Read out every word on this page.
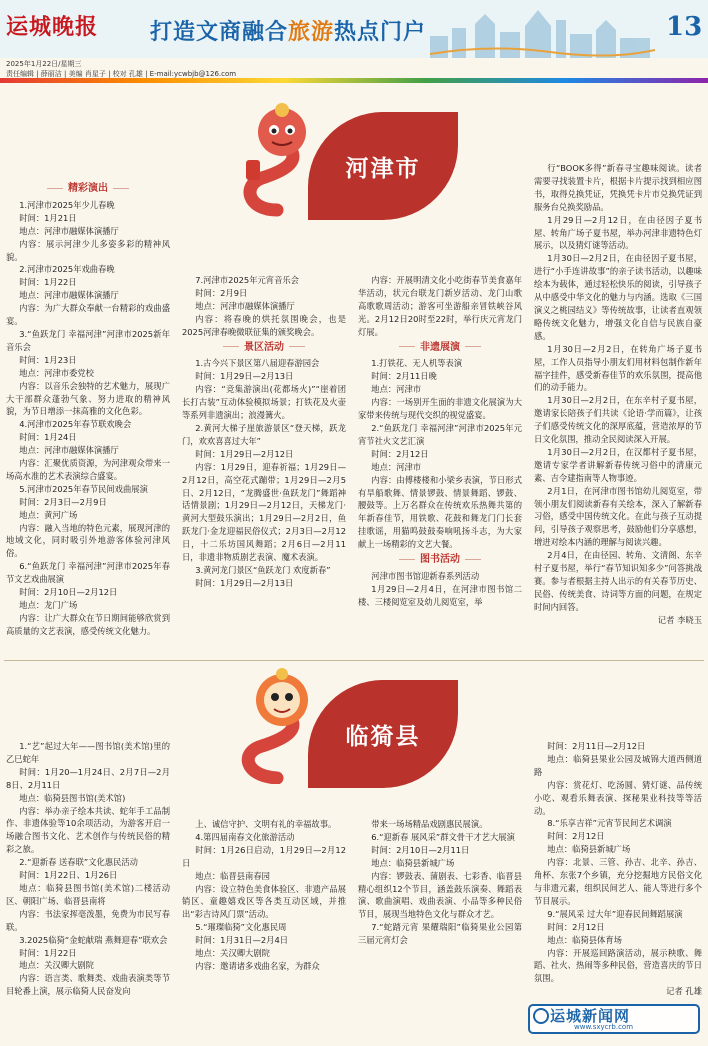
运城晚报 打造文商融合旅游热点门户	13
2025年1月22日/星期三
责任编辑 | 薛丽洁 | 美编 肖星子 | 校对 孔雄 | E-mail:ycwbjb@126.com
河津市

精彩演出

1.河津市2025年少儿春晚

时间：1月21日

地点：河津市融媒体演播厅

内容：展示河津少儿多姿多彩的精神风貌。

2.河津市2025年戏曲春晚

时间：1月22日

地点：河津市融媒体演播厅

内容：为广大群众奉献一台精彩的戏曲盛宴。

3.“鱼跃龙门 幸福河津”河津市2025新年音乐会

时间：1月23日

地点：河津市委党校

内容：以音乐会独特的艺术魅力，展现广大干部群众蓬勃气象、努力进取的精神风貌，为节日增添一抹高雅的文化色彩。

4.河津市2025年春节联欢晚会

时间：1月24日

地点：河津市融媒体演播厅

内容：汇聚优质资源，为河津观众带来一场高水准的艺术表演综合盛宴。

5.河津市2025年春节民间戏曲展演

时间：2月3日—2月9日

地点：黄河广场

内容：融入当地的特色元素，展现河津的地域文化，同时吸引外地游客体验河津风俗。

6.“鱼跃龙门 幸福河津”河津市2025年春节文艺戏曲展演

时间：2月10日—2月12日

地点：龙门广场

内容：让广大群众在节日期间能够欣赏到高质量的文艺表演，感受传统文化魅力。

7.河津市2025年元宵音乐会

时间：2月9日

地点：河津市融媒体演播厅

内容：将春晚的烘托氛围晚会，也是2025河津春晚微联征集的颁奖晚会。

景区活动

1.古今兴下景区第八届迎春游园会

时间：1月29日—2月13日

内容：“竞集游演出(花都场火)”“崖着团长打古装”互动体验模拟场景；打铁花及火壶等系列非遗演出；浪漫篝火。

2.黄河大梯子崖旅游景区“登天梯，跃龙门，欢欢喜喜过大年”

时间：1月29日—2月12日

内容：1月29日，迎春祈福；1月29日—2月12日，高空花式蹦带；1月29日—2月5日、2月12日，“龙腾盛世·鱼跃龙门”舞蹈神话情景剧；1月29日—2月12日，天梯龙门·黄河大型鼓乐演出；1月29日—2月2日，鱼跃龙门·金龙迎福民俗仪式；2月3日—2月12日，十二乐坊国风舞蹈；2月6日—2月11日，非遗非物质剧艺表演、魔术表演。

3.黄河龙门景区“鱼跃龙门 欢度新春”

时间：1月29日—2月13日

内容：开展明清文化小吃街春节美食嘉年华活动，状元台联龙门新岁活动、龙门山歌高歌歌周活动；游客可坐游船亲冒铁峡谷风光。2月12日20时至22时，举行庆元宵龙门灯展。

非遗展演

1.打铁花、无人机等表演

时间：2月11日晚

地点：河津市

内容：一场别开生面的非遗文化展演为大家带来传统与现代交织的视觉盛宴。

2.“鱼跃龙门 幸福河津”河津市2025年元宵节社火文艺汇演

时间：2月12日

地点：河津市

内容：由傅楼楼和小梁乡表演，节日形式有旱船歌舞、情景锣鼓、情景舞蹈、锣鼓、腰鼓等。上万名群众在传统欢乐热舞共第的年新春佳节，用铁歌、花鼓和舞龙门门长套挂歌谣，用猫鸣鼓鼓奏响吼扬斗志，为大家献上一场精彩的文艺大餐。

图书活动

河津市图书馆迎新春系列活动

1月29日—2月4日，在河津市图书馆二楼、三楼阅览室及幼儿阅览室，举

行“BOOK多得”新春寻宝趣味阅读。读者需要寻找装置卡片，根据卡片提示找到相应图书，取得兑换凭证，凭换凭卡片市兑换凭证到服务台兑换奖励品。

1月29日—2月12日，在由径因子夏书屋、转角广场子夏书屋，举办河津非遗特色灯展示，以及猜灯谜等活动。

1月30日—2月2日，在由径因子夏书屋，进行“小手连讲故事”的亲子读书活动，以趣味绘本为载体，通过轻松快乐的阅读，引导孩子从中感受中华文化的魅力与内涵。选取《三国演义之桃园结义》等传统故事，让读者直观领略传统文化魅力，增强文化自信与民族自豪感。

1月30日—2月2日，在转角广场子夏书屋，工作人员指导小朋友们用材料包制作新年福字挂件，感受新春佳节的欢乐氛围，提高他们的动手能力。

1月30日—2月2日，在东辛村子夏书屋，邀请家长陪孩子们共读《论语·学而篇》，让孩子们感受传统文化的深厚底蕴，营造浓厚的节日文化氛围，推动全民阅读深入开展。

1月30日—2月2日，在汉都村子夏书屋，邀请专家学者讲解新春传统习俗中的清康元素、吉令建指南等人物事迹。

2月1日，在河津市图书馆幼儿阅览室，带领小朋友们阅读新春有关绘本，深入了解新春习俗，感受中国传统文化。在此与孩子互动提问，引导孩子观察思考，鼓励他们分享感想，增进对绘本内涵的理解与阅读兴趣。

2月4日，在由径园、转角、文清阁、东辛村子夏书屋，举行“春节知识知多少”问答挑战赛。参与者根据主持人出示的有关春节历史、民俗、传统美食、诗词等方面的问题，在规定时间内回答。

记者 李晓玉

临猗县

1.“艺”起过大年——图书馆(美术馆)里的乙巳蛇年

时间：1月20—1月24日、2月7日—2月8日、2月11日

地点：临猗县图书馆(美术馆)

内容：举办亲子绘本共读、蛇年手工品制作、非遗体验等10余项活动，为游客开启一场融合图书文化、艺术创作与传统民俗的精彩之旅。

2.“迎新春 送春联”文化惠民活动

时间：1月22日、1月26日

地点：临猗县图书馆(美术馆)二楼活动区、朝阳广场、临晋县南将

内容：书法家挥毫泼墨，免费为市民写春联。

3.2025临猗“金蛇献瑞 燕舞迎春”联欢会

时间：1月22日

地点：关汉卿大剧院

内容：语言类、歌舞类、戏曲表演类等节目轮番上演，展示临猗人民奋发向

上、诚信守护、文明有礼的幸福故事。

4.第四届南春文化旅游活动

时间：1月26日启动，1月29日—2月12日

地点：临晋县南春园

内容：设立特色美食体验区、非遗产品展销区、童趣嬉戏区等各类互动区域，并推出“彩吉诗风门票”活动。

5.“璀璨临猗”文化惠民周

时间：1月31日—2月4日

地点：关汉卿大剧院

内容：邀请诸多戏曲名家，为群众

带来一场场精品戏剧惠民展演。

6.“迎新春 展风采”群文骨干才艺大展演

时间：2月10日—2月11日

地点：临猗县新城广场

内容：锣鼓表、蒲剧表、七彩香、临晋县精心组织12个节目，涵盖鼓乐演奏、舞蹈表演、歌曲演唱、戏曲表演、小品等多种民俗节目，展现当地特色文化与群众才艺。

7.“蛇踏元宵 果耀瑞阳”临猗果业公园第三届元宵灯会

时间：2月11日—2月12日

地点：临猗县果业公园及城锦大道西侧道路

内容：赏花灯、吃汤圆、猜灯谜、品传统小吃、观看乐舞表演、探秘果业科技等等活动。

8.“乐享吉祥”元宵节民间艺术调演

时间：2月12日

地点：临猗县新城广场

内容：北景、三管、孙吉、北辛、孙吉、角杯、东张7个乡镇，充分挖掘地方民俗文化与非遗元素，组织民间艺人、能人等进行多个节目展示。

9.“展风采 过大年”迎春民间舞蹈展演

时间：2月12日

地点：临猗县体育场

内容：开展巡回路演活动，展示秧歌、舞蹈、社火、热闹等多种民俗，营造喜庆的节日氛围。

记者 孔雄

运城新闻网
www.sxycrb.com
